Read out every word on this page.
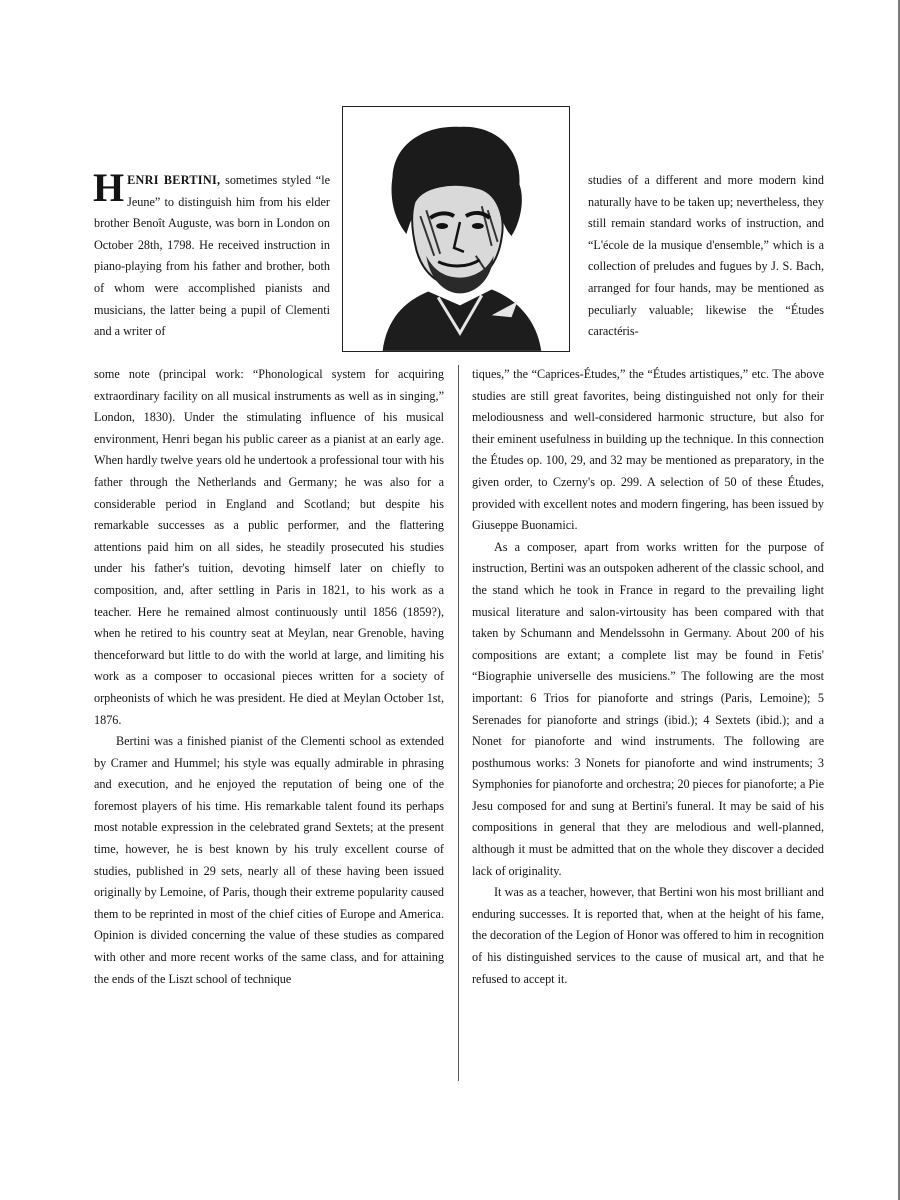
HENRI BERTINI, sometimes styled “le Jeune” to distinguish him from his elder brother Benoît Auguste, was born in London on October 28th, 1798. He received instruction in piano-playing from his father and brother, both of whom were accomplished pianists and musicians, the latter being a pupil of Clementi and a writer of

some note (principal work: “Phonological system for acquiring extraordinary facility on all musical instruments as well as in singing,” London, 1830). Under the stimulating influence of his musical environment, Henri began his public career as a pianist at an early age. When hardly twelve years old he undertook a professional tour with his father through the Netherlands and Germany; he was also for a considerable period in England and Scotland; but despite his remarkable successes as a public performer, and the flattering attentions paid him on all sides, he steadily prosecuted his studies under his father's tuition, devoting himself later on chiefly to composition, and, after settling in Paris in 1821, to his work as a teacher. Here he remained almost continuously until 1856 (1859?), when he retired to his country seat at Meylan, near Grenoble, having thenceforward but little to do with the world at large, and limiting his work as a composer to occasional pieces written for a society of orpheonists of which he was president. He died at Meylan October 1st, 1876.

Bertini was a finished pianist of the Clementi school as extended by Cramer and Hummel; his style was equally admirable in phrasing and execution, and he enjoyed the reputation of being one of the foremost players of his time. His remarkable talent found its perhaps most notable expression in the celebrated grand Sextets; at the present time, however, he is best known by his truly excellent course of studies, published in 29 sets, nearly all of these having been issued originally by Lemoine, of Paris, though their extreme popularity caused them to be reprinted in most of the chief cities of Europe and America. Opinion is divided concerning the value of these studies as compared with other and more recent works of the same class, and for attaining the ends of the Liszt school of technique

studies of a different and more modern kind naturally have to be taken up; nevertheless, they still remain standard works of instruction, and “L'école de la musique d'ensemble,” which is a collection of preludes and fugues by J. S. Bach, arranged for four hands, may be mentioned as peculiarly valuable; likewise the “Études caractéris-

tiques,” the “Caprices-Études,” the “Études artistiques,” etc. The above studies are still great favorites, being distinguished not only for their melodiousness and well-considered harmonic structure, but also for their eminent usefulness in building up the technique. In this connection the Études op. 100, 29, and 32 may be mentioned as preparatory, in the given order, to Czerny's op. 299. A selection of 50 of these Études, provided with excellent notes and modern fingering, has been issued by Giuseppe Buonamici.

As a composer, apart from works written for the purpose of instruction, Bertini was an outspoken adherent of the classic school, and the stand which he took in France in regard to the prevailing light musical literature and salon-virtousity has been compared with that taken by Schumann and Mendelssohn in Germany. About 200 of his compositions are extant; a complete list may be found in Fetis' “Biographie universelle des musiciens.” The following are the most important: 6 Trios for pianoforte and strings (Paris, Lemoine); 5 Serenades for pianoforte and strings (ibid.); 4 Sextets (ibid.); and a Nonet for pianoforte and wind instruments. The following are posthumous works: 3 Nonets for pianoforte and wind instruments; 3 Symphonies for pianoforte and orchestra; 20 pieces for pianoforte; a Pie Jesu composed for and sung at Bertini's funeral. It may be said of his compositions in general that they are melodious and well-planned, although it must be admitted that on the whole they discover a decided lack of originality.

It was as a teacher, however, that Bertini won his most brilliant and enduring successes. It is reported that, when at the height of his fame, the decoration of the Legion of Honor was offered to him in recognition of his distinguished services to the cause of musical art, and that he refused to accept it.
